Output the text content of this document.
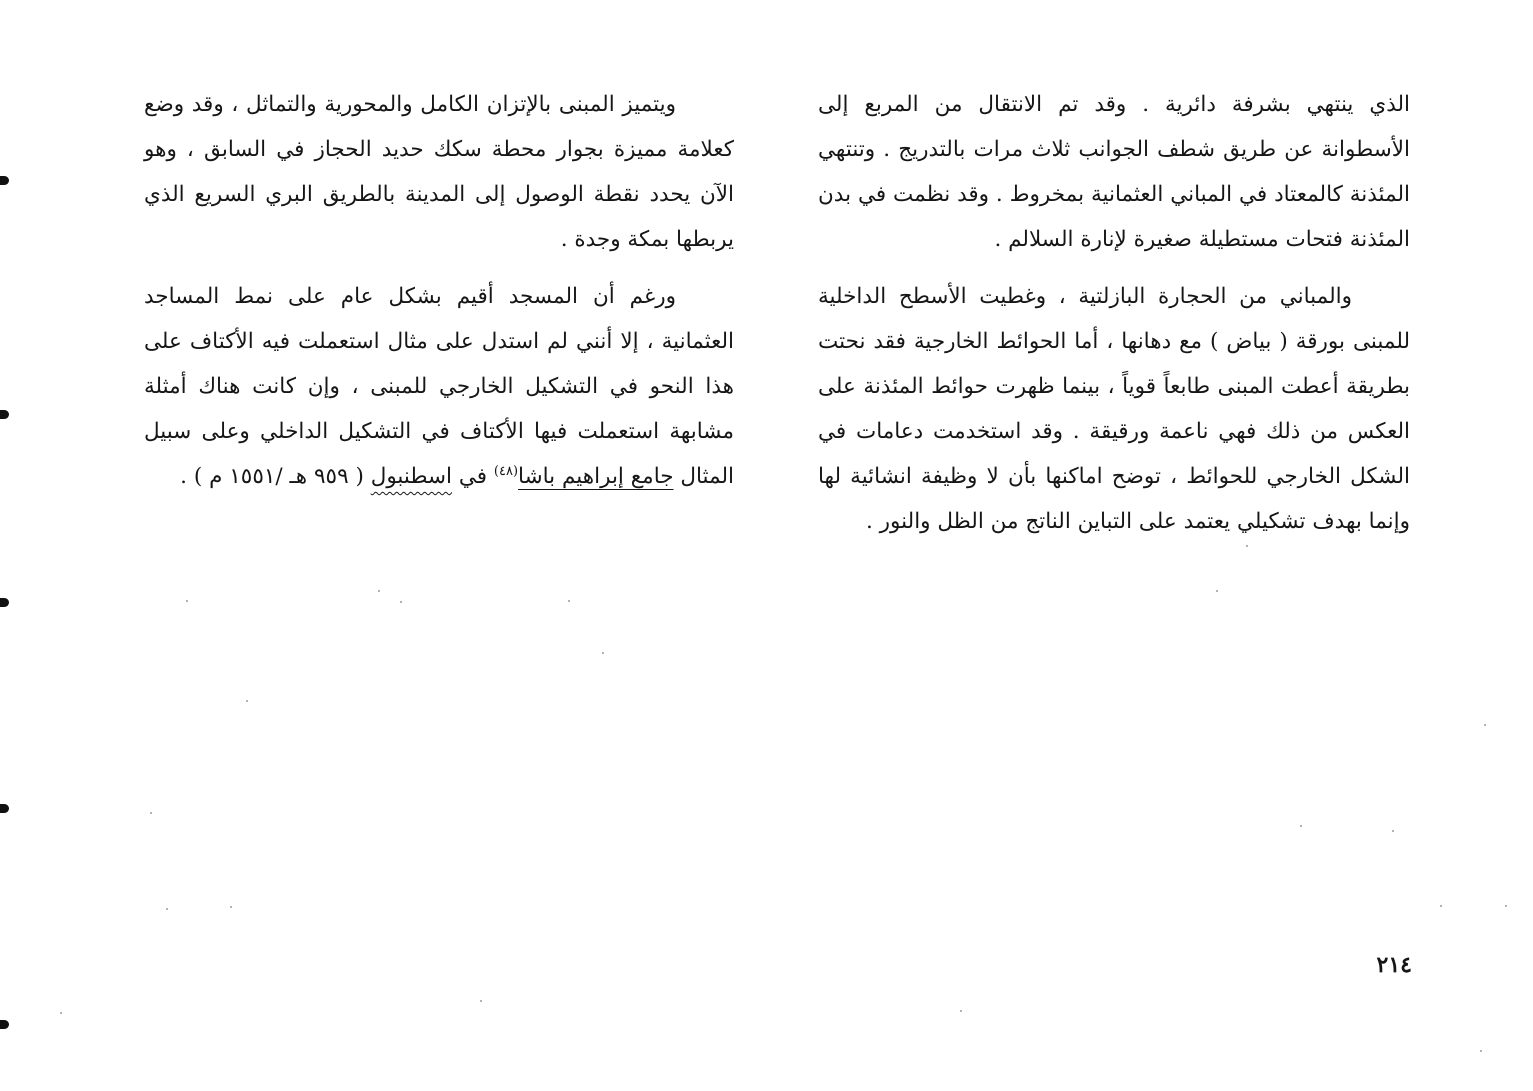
الذي ينتهي بشرفة دائرية . وقد تم الانتقال من المربع إلى الأسطوانة عن طريق شطف الجوانب ثلاث مرات بالتدريج . وتنتهي المئذنة كالمعتاد في المباني العثمانية بمخروط . وقد نظمت في بدن المئذنة فتحات مستطيلة صغيرة لإنارة السلالم .

والمباني من الحجارة البازلتية ، وغطيت الأسطح الداخلية للمبنى بورقة ( بياض ) مع دهانها ، أما الحوائط الخارجية فقد نحتت بطريقة أعطت المبنى طابعاً قوياً ، بينما ظهرت حوائط المئذنة على العكس من ذلك فهي ناعمة ورقيقة . وقد استخدمت دعامات في الشكل الخارجي للحوائط ، توضح اماكنها بأن لا وظيفة انشائية لها وإنما بهدف تشكيلي يعتمد على التباين الناتج من الظل والنور .

ويتميز المبنى بالإتزان الكامل والمحورية والتماثل ، وقد وضع كعلامة مميزة بجوار محطة سكك حديد الحجاز في السابق ، وهو الآن يحدد نقطة الوصول إلى المدينة بالطريق البري السريع الذي يربطها بمكة وجدة .

ورغم أن المسجد أقيم بشكل عام على نمط المساجد العثمانية ، إلا أنني لم استدل على مثال استعملت فيه الأكتاف على هذا النحو في التشكيل الخارجي للمبنى ، وإن كانت هناك أمثلة مشابهة استعملت فيها الأكتاف في التشكيل الداخلي وعلى سبيل المثال جامع إبراهيم باشا$^{(٤٨)}$ في اسطنبول ( ٩٥٩ هـ /١٥٥١ م ) .

٢١٤
